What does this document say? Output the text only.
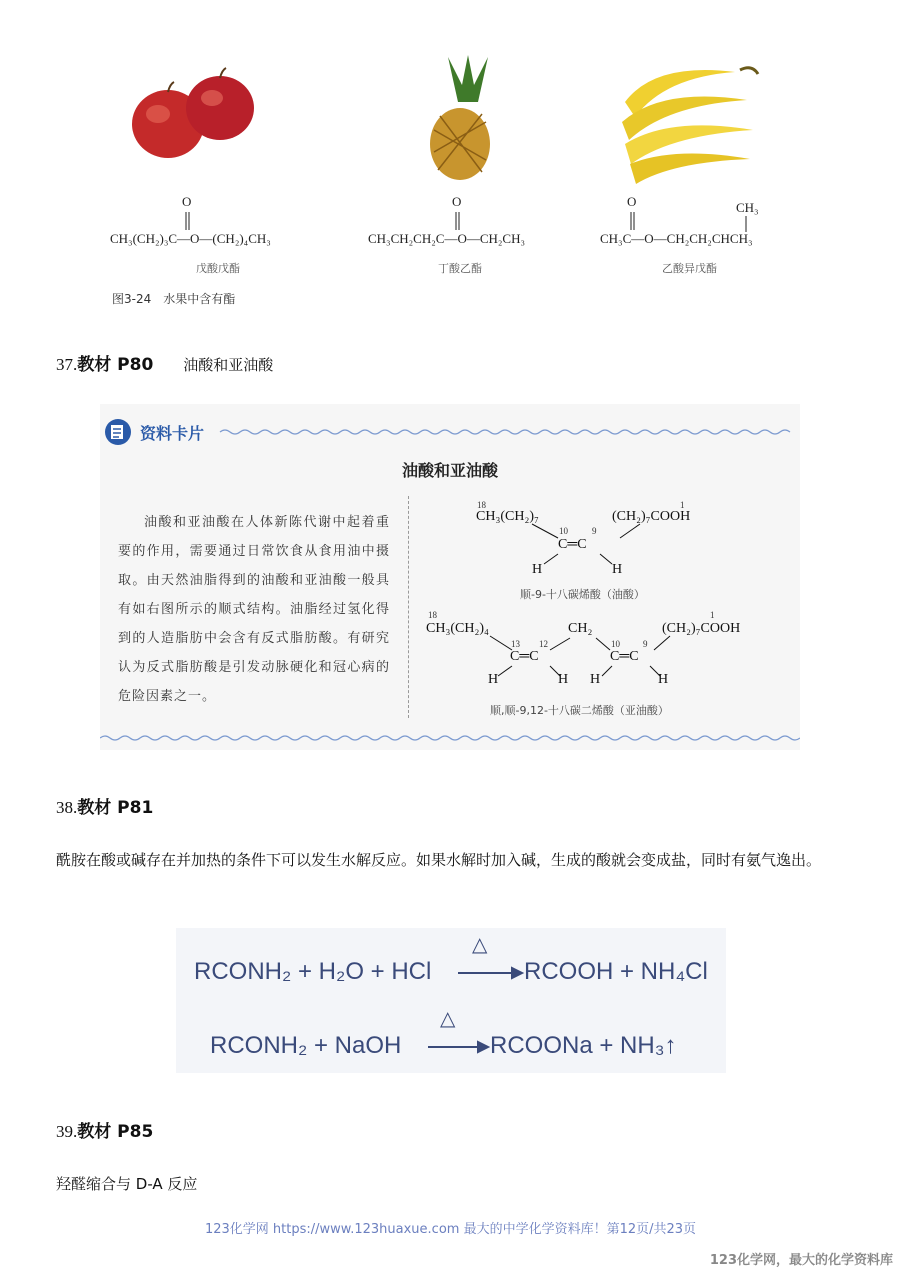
O
CH₃(CH₂)₃C—O—(CH₂)₄CH₃
戊酸戊酯
O
CH₃CH₂CH₂C—O—CH₂CH₃
丁酸乙酯
O	CH₃
CH₃C—O—CH₂CH₂CHCH₃
乙酸异戊酯
图3-24　水果中含有酯
37.教材 P80 油酸和亚油酸
资料卡片
油酸和亚油酸
油酸和亚油酸在人体新陈代谢中起着重要的作用，需要通过日常饮食从食用油中摄取。由天然油脂得到的油酸和亚油酸一般具有如右图所示的顺式结构。油脂经过氢化得到的人造脂肪中会含有反式脂肪酸。有研究认为反式脂肪酸是引发动脉硬化和冠心病的危险因素之一。
18
CH₃(CH₂)₇
10	9
C═C
1
(CH₂)₇COOH
H	H
顺-9-十八碳烯酸（油酸）
18
CH₃(CH₂)₄
13 12
C═C
CH₂
10	9
C═C
1
(CH₂)₇COOH
H	H H	H
顺,顺-9,12-十八碳二烯酸（亚油酸）
38.教材 P81
酰胺在酸或碱存在并加热的条件下可以发生水解反应。如果水解时加入碱，生成的酸就会变成盐，同时有氨气逸出。
RCONH₂ + H₂O + HCl
△
RCOOH + NH₄Cl
RCONH₂ + NaOH
△
RCOONa + NH₃↑
39.教材 P85
羟醛缩合与 D-A 反应
123化学网 https://www.123huaxue.com 最大的中学化学资料库！第12页/共23页
123化学网，最大的化学资料库
